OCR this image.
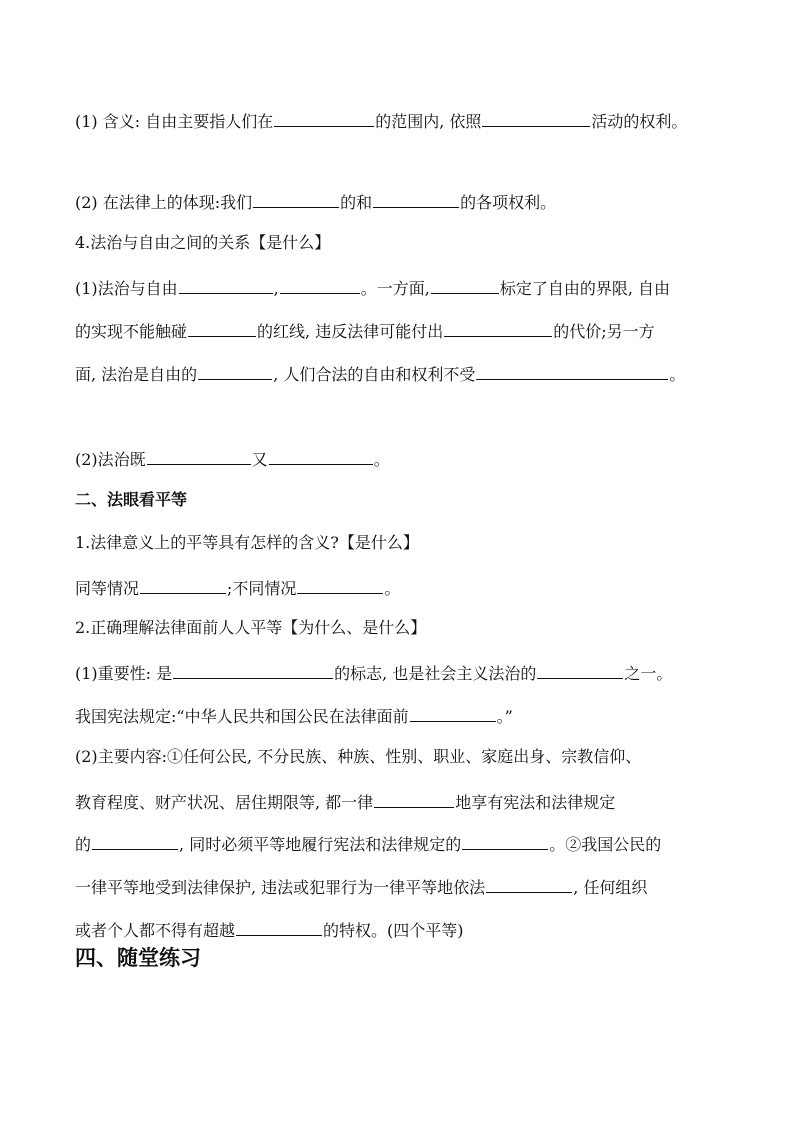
(1) 含义: 自由主要指人们在	的范围内, 依照	活动的权利。
(2) 在法律上的体现:我们	的和	的各项权利。
4.法治与自由之间的关系【是什么】
(1)法治与自由	,	。一方面,	标定了自由的界限, 自由
的实现不能触碰	的红线, 违反法律可能付出	的代价;另一方
面, 法治是自由的	, 人们合法的自由和权利不受	。
(2)法治既	又	。
二、法眼看平等
1.法律意义上的平等具有怎样的含义?【是什么】
同等情况	;不同情况	。
2.正确理解法律面前人人平等【为什么、是什么】
(1)重要性: 是	的标志, 也是社会主义法治的	之一。
我国宪法规定:“中华人民共和国公民在法律面前	。”
(2)主要内容:①任何公民, 不分民族、种族、性别、职业、家庭出身、宗教信仰、
教育程度、财产状况、居住期限等, 都一律	地享有宪法和法律规定
的	, 同时必须平等地履行宪法和法律规定的	。②我国公民的
一律平等地受到法律保护, 违法或犯罪行为一律平等地依法	, 任何组织
或者个人都不得有超越	的特权。(四个平等)
四、随堂练习
